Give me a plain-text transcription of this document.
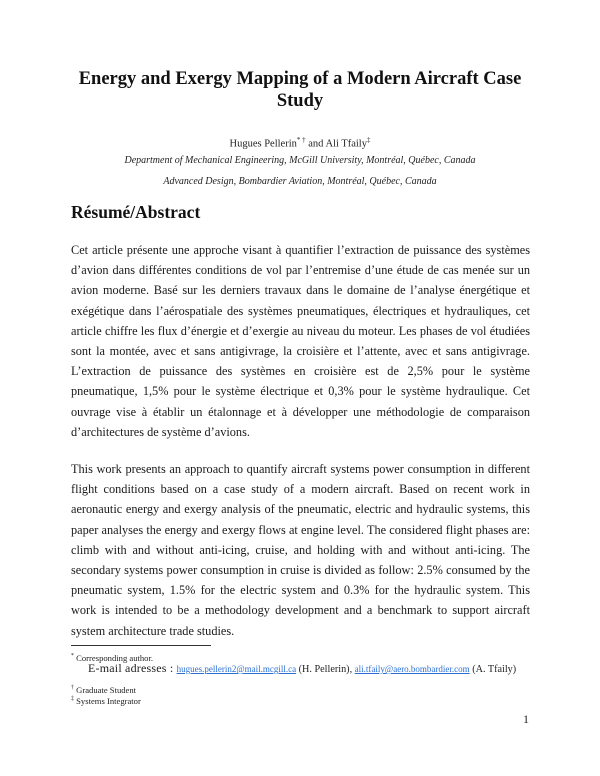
Energy and Exergy Mapping of a Modern Aircraft Case Study
Hugues Pellerin* † and Ali Tfaily‡
Department of Mechanical Engineering, McGill University, Montréal, Québec, Canada
Advanced Design, Bombardier Aviation, Montréal, Québec, Canada
Résumé/Abstract

Cet article présente une approche visant à quantifier l’extraction de puissance des systèmes d’avion dans différentes conditions de vol par l’entremise d’une étude de cas menée sur un avion moderne. Basé sur les derniers travaux dans le domaine de l’analyse énergétique et exégétique dans l’aérospatiale des systèmes pneumatiques, électriques et hydrauliques, cet article chiffre les flux d’énergie et d’exergie au niveau du moteur. Les phases de vol étudiées sont la montée, avec et sans antigivrage, la croisière et l’attente, avec et sans antigivrage. L’extraction de puissance des systèmes en croisière est de 2,5% pour le système pneumatique, 1,5% pour le système électrique et 0,3% pour le système hydraulique. Cet ouvrage vise à établir un étalonnage et à développer une méthodologie de comparaison d’architectures de système d’avions.

This work presents an approach to quantify aircraft systems power consumption in different flight conditions based on a case study of a modern aircraft. Based on recent work in aeronautic energy and exergy analysis of the pneumatic, electric and hydraulic systems, this paper analyses the energy and exergy flows at engine level. The considered flight phases are: climb with and without anti-icing, cruise, and holding with and without anti-icing. The secondary systems power consumption in cruise is divided as follow: 2.5% consumed by the pneumatic system, 1.5% for the electric system and 0.3% for the hydraulic system. This work is intended to be a methodology development and a benchmark to support aircraft system architecture trade studies.

* Corresponding author.
E-mail adresses : hugues.pellerin2@mail.mcgill.ca (H. Pellerin), ali.tfaily@aero.bombardier.com (A. Tfaily)
† Graduate Student
‡ Systems Integrator
1
